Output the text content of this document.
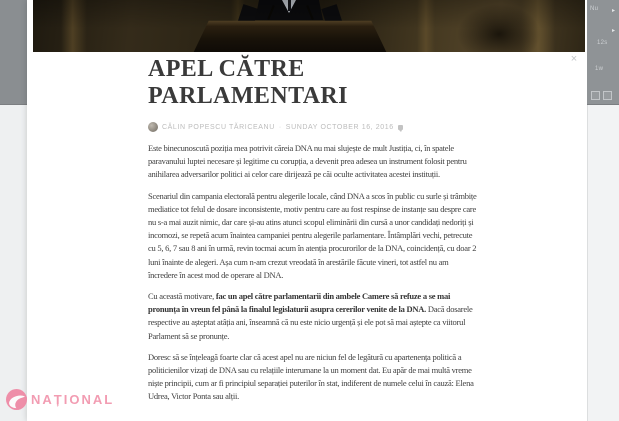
×
APEL CĂTRE PARLAMENTARI
CĂLIN POPESCU TĂRICEANU · SUNDAY OCTOBER 16, 2016

Este binecunoscută poziția mea potrivit căreia DNA nu mai slujește de mult Justiția, ci, în spatele paravanului luptei necesare și legitime cu corupția, a devenit prea adesea un instrument folosit pentru anihilarea adversarilor politici ai celor care dirijează pe căi oculte activitatea acestei instituții.

Scenariul din campania electorală pentru alegerile locale, când DNA a scos în public cu surle și trâmbițe mediatice tot felul de dosare inconsistente, motiv pentru care au fost respinse de instanțe sau despre care nu s-a mai auzit nimic, dar care și-au atins atunci scopul eliminării din cursă a unor candidați nedoriți și incomozi, se repetă acum înaintea campaniei pentru alegerile parlamentare. Întâmplări vechi, petrecute cu 5, 6, 7 sau 8 ani în urmă, revin tocmai acum în atenția procurorilor de la DNA, coincidență, cu doar 2 luni înainte de alegeri. Așa cum n-am crezut vreodată în arestările făcute vineri, tot astfel nu am încredere în acest mod de operare al DNA.

Cu această motivare, fac un apel către parlamentarii din ambele Camere să refuze a se mai pronunța în vreun fel până la finalul legislaturii asupra cererilor venite de la DNA. Dacă dosarele respective au așteptat atâția ani, înseamnă că nu este nicio urgență și ele pot să mai aștepte ca viitorul Parlament să se pronunțe.

Doresc să se înțeleagă foarte clar că acest apel nu are niciun fel de legătură cu apartenența politică a politicienilor vizați de DNA sau cu relațiile interumane la un moment dat. Eu apăr de mai multă vreme niște principii, cum ar fi principiul separației puterilor în stat, indiferent de numele celui în cauză: Elena Udrea, Victor Ponta sau alții.

Nu ▸
▸
12s
1w
NAȚIONAL
